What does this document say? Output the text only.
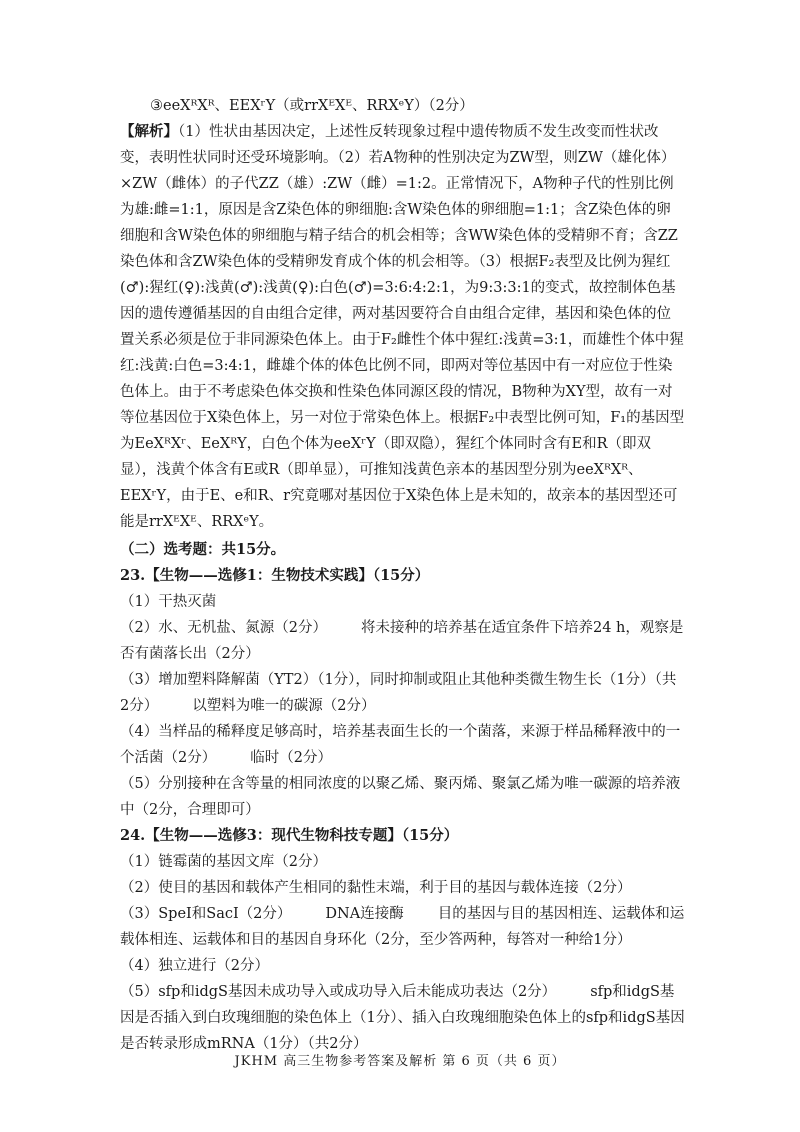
③eeXᴿXᴿ、EEXʳY（或rrXᴱXᴱ、RRXᵉY）（2分）

【解析】（1）性状由基因决定，上述性反转现象过程中遗传物质不发生改变而性状改变，表明性状同时还受环境影响。（2）若A物种的性别决定为ZW型，则ZW（雄化体）×ZW（雌体）的子代ZZ（雄）:ZW（雌）=1:2。正常情况下，A物种子代的性别比例为雄:雌=1:1，原因是含Z染色体的卵细胞:含W染色体的卵细胞=1:1；含Z染色体的卵细胞和含W染色体的卵细胞与精子结合的机会相等；含WW染色体的受精卵不育；含ZZ染色体和含ZW染色体的受精卵发育成个体的机会相等。（3）根据F₂表型及比例为猩红(♂):猩红(♀):浅黄(♂):浅黄(♀):白色(♂)=3:6:4:2:1，为9:3:3:1的变式，故控制体色基因的遗传遵循基因的自由组合定律，两对基因要符合自由组合定律，基因和染色体的位置关系必须是位于非同源染色体上。由于F₂雌性个体中猩红:浅黄=3:1，而雄性个体中猩红:浅黄:白色=3:4:1，雌雄个体的体色比例不同，即两对等位基因中有一对应位于性染色体上。由于不考虑染色体交换和性染色体同源区段的情况，B物种为XY型，故有一对等位基因位于X染色体上，另一对位于常染色体上。根据F₂中表型比例可知，F₁的基因型为EeXᴿXʳ、EeXᴿY，白色个体为eeXʳY（即双隐），猩红个体同时含有E和R（即双显），浅黄个体含有E或R（即单显），可推知浅黄色亲本的基因型分别为eeXᴿXᴿ、EEXʳY，由于E、e和R、r究竟哪对基因位于X染色体上是未知的，故亲本的基因型还可能是rrXᴱXᴱ、RRXᵉY。

（二）选考题：共15分。

23.【生物——选修1：生物技术实践】（15分）

（1）干热灭菌

（2）水、无机盐、氮源（2分） 将未接种的培养基在适宜条件下培养24 h，观察是否有菌落长出（2分）

（3）增加塑料降解菌（YT2）（1分），同时抑制或阻止其他种类微生物生长（1分）（共2分） 以塑料为唯一的碳源（2分）

（4）当样品的稀释度足够高时，培养基表面生长的一个菌落，来源于样品稀释液中的一个活菌（2分） 临时（2分）

（5）分别接种在含等量的相同浓度的以聚乙烯、聚丙烯、聚氯乙烯为唯一碳源的培养液中（2分，合理即可）

24.【生物——选修3：现代生物科技专题】（15分）

（1）链霉菌的基因文库（2分）

（2）使目的基因和载体产生相同的黏性末端，利于目的基因与载体连接（2分）

（3）SpeⅠ和SacⅠ（2分） DNA连接酶 目的基因与目的基因相连、运载体和运载体相连、运载体和目的基因自身环化（2分，至少答两种，每答对一种给1分）

（4）独立进行（2分）

（5）sfp和idgS基因未成功导入或成功导入后未能成功表达（2分） sfp和idgS基因是否插入到白玫瑰细胞的染色体上（1分）、插入白玫瑰细胞染色体上的sfp和idgS基因是否转录形成mRNA（1分）（共2分）

JKHM 高三生物参考答案及解析 第 6 页（共 6 页）
